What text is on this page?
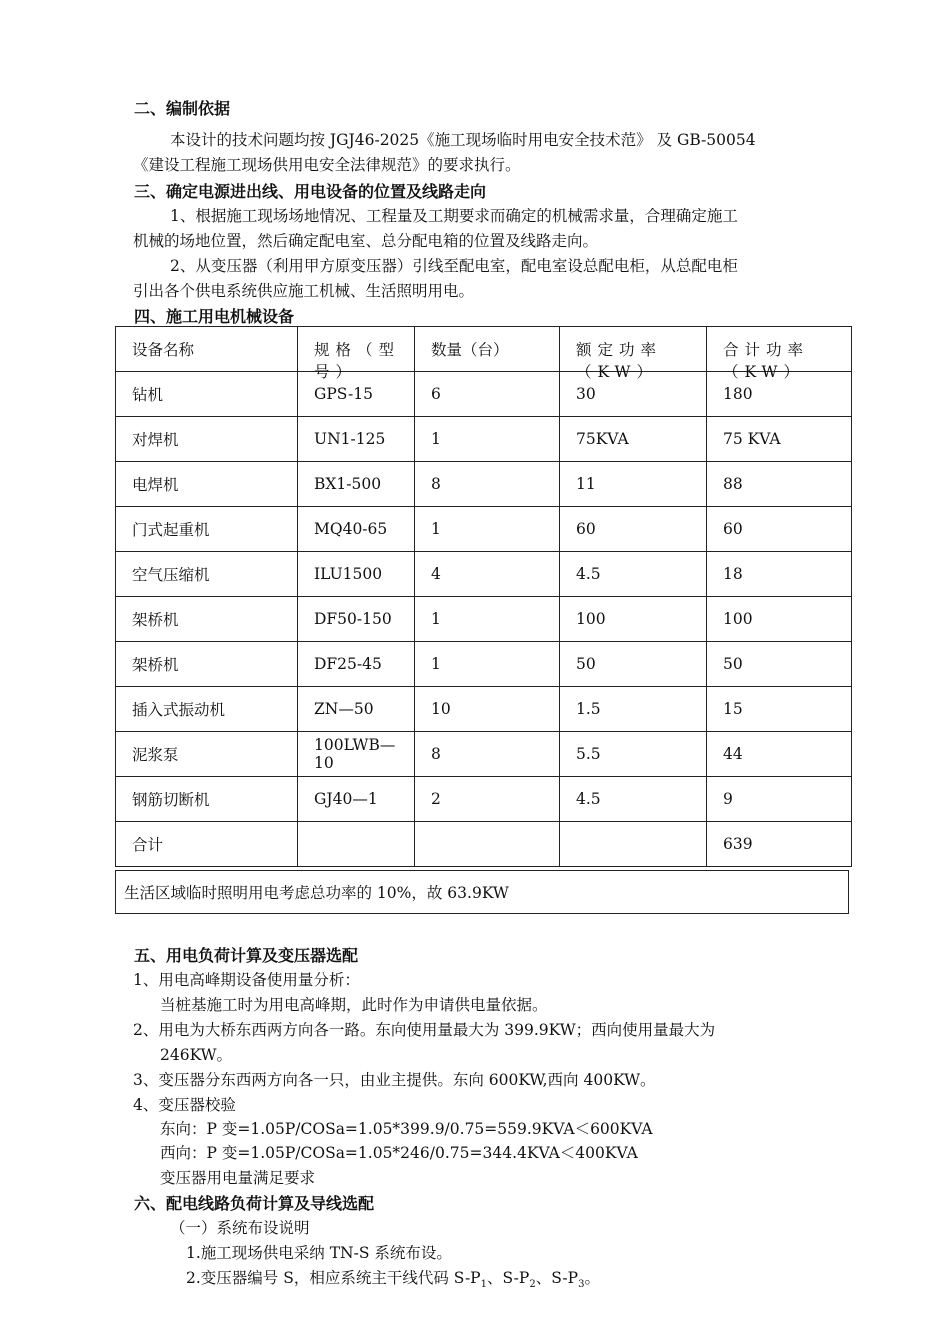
二、编制依据
本设计的技术问题均按 JGJ46-2025《施工现场临时用电安全技术范》 及 GB-50054
《建设工程施工现场供用电安全法律规范》的要求执行。
三、确定电源进出线、用电设备的位置及线路走向
1、根据施工现场场地情况、工程量及工期要求而确定的机械需求量，合理确定施工
机械的场地位置，然后确定配电室、总分配电箱的位置及线路走向。
2、从变压器（利用甲方原变压器）引线至配电室，配电室设总配电柜，从总配电柜
引出各个供电系统供应施工机械、生活照明用电。
四、施工用电机械设备
设备名称	规格（型号）	数量（台）	额定功率（KW）	合计功率（KW）

钻机	GPS-15	6	30	180
对焊机	UN1-125	1	75KVA	75 KVA
电焊机	BX1-500	8	11	88
门式起重机	MQ40-65	1	60	60
空气压缩机	ILU1500	4	4.5	18
架桥机	DF50-150	1	100	100
架桥机	DF25-45	1	50	50
插入式振动机	ZN—50	10	1.5	15
泥浆泵	100LWB—10	8	5.5	44
钢筋切断机	GJ40—1	2	4.5	9
合计				639
生活区域临时照明用电考虑总功率的 10%，故 63.9KW
五、用电负荷计算及变压器选配
1、用电高峰期设备使用量分析：
当桩基施工时为用电高峰期，此时作为申请供电量依据。
2、用电为大桥东西两方向各一路。东向使用量最大为 399.9KW；西向使用量最大为
246KW。
3、变压器分东西两方向各一只，由业主提供。东向 600KW,西向 400KW。
4、变压器校验
东向：P 变=1.05P/COSa=1.05*399.9/0.75=559.9KVA＜600KVA
西向：P 变=1.05P/COSa=1.05*246/0.75=344.4KVA＜400KVA
变压器用电量满足要求
六、配电线路负荷计算及导线选配
（一）系统布设说明
1.施工现场供电采纳 TN-S 系统布设。
2.变压器编号 S，相应系统主干线代码 $S-P_1$、$S-P_2$、$S-P_3$。
